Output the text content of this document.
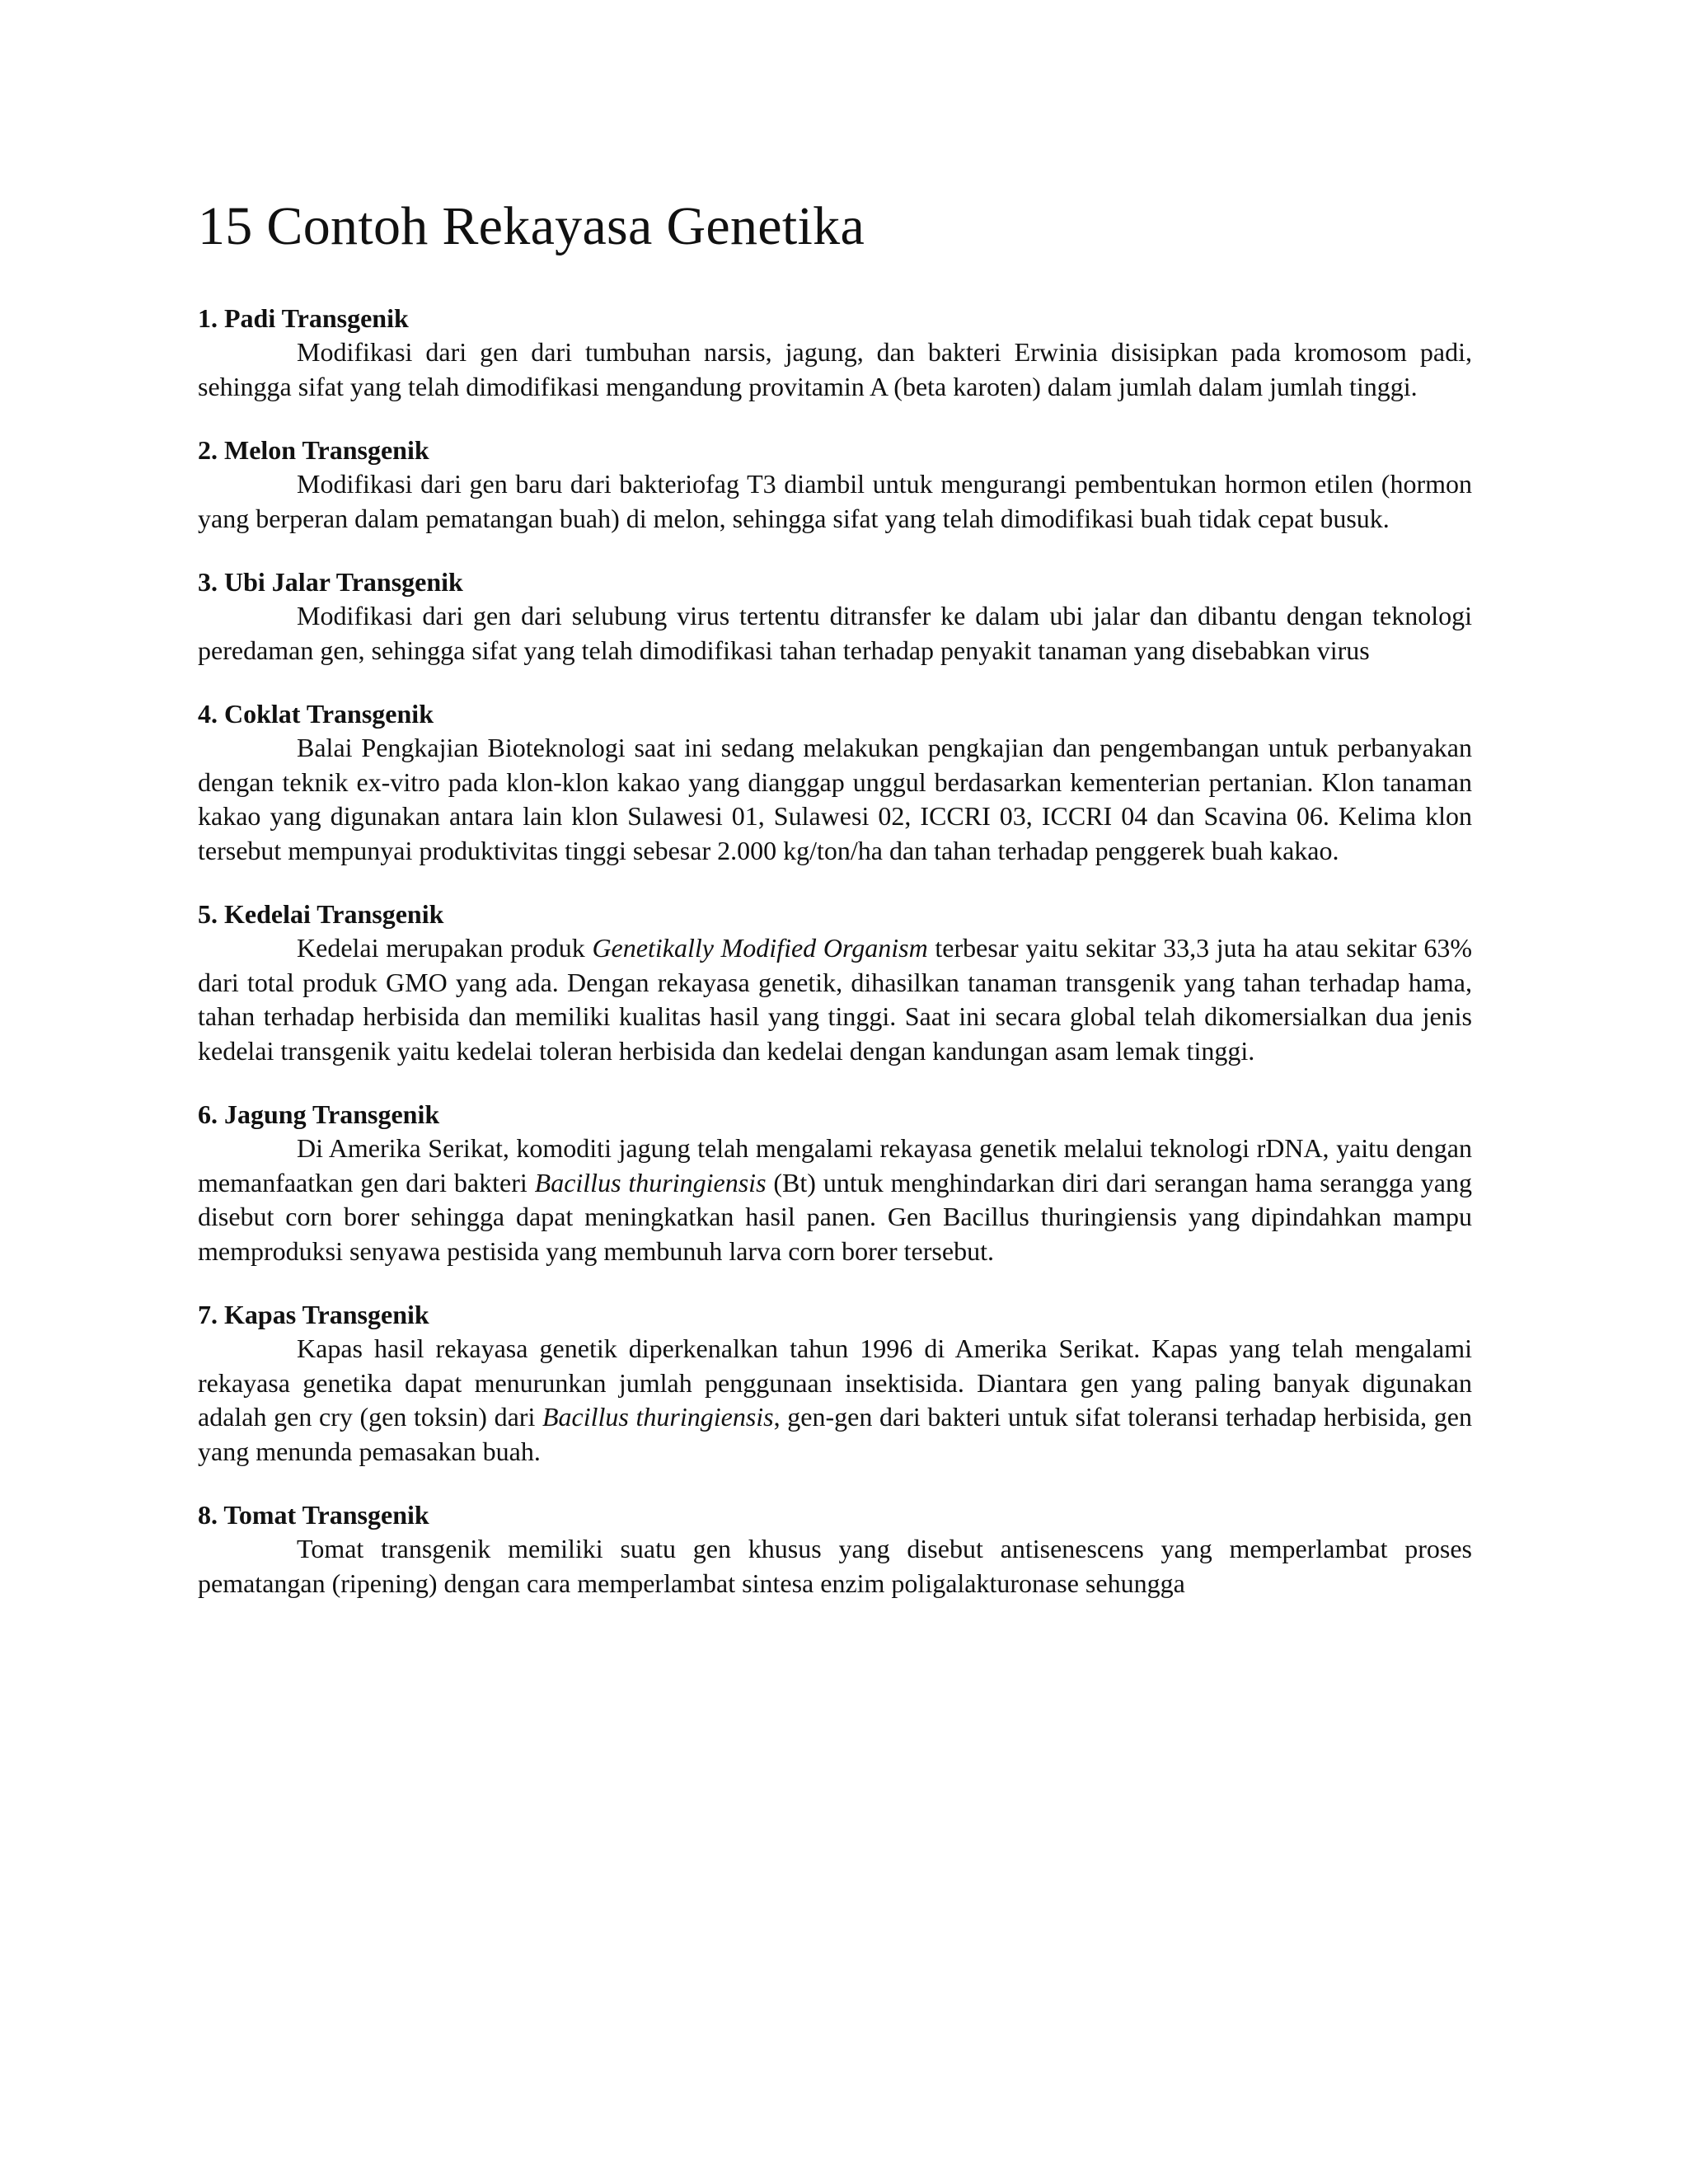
15 Contoh Rekayasa Genetika

1. Padi Transgenik

Modifikasi dari gen dari tumbuhan narsis, jagung, dan bakteri Erwinia disisipkan pada kromosom padi, sehingga sifat yang telah dimodifikasi mengandung provitamin A (beta karoten) dalam jumlah dalam jumlah tinggi.

2. Melon Transgenik

Modifikasi dari gen baru dari bakteriofag T3 diambil untuk mengurangi pembentukan hormon etilen (hormon yang berperan dalam pematangan buah) di melon, sehingga sifat yang telah dimodifikasi buah tidak cepat busuk.

3. Ubi Jalar Transgenik

Modifikasi dari gen dari selubung virus tertentu ditransfer ke dalam ubi jalar dan dibantu dengan teknologi peredaman gen, sehingga sifat yang telah dimodifikasi tahan terhadap penyakit tanaman yang disebabkan virus

4. Coklat Transgenik

Balai Pengkajian Bioteknologi saat ini sedang melakukan pengkajian dan pengembangan untuk perbanyakan dengan teknik ex-vitro pada klon-klon kakao yang dianggap unggul berdasarkan kementerian pertanian. Klon tanaman kakao yang digunakan antara lain klon Sulawesi 01, Sulawesi 02, ICCRI 03, ICCRI 04 dan Scavina 06. Kelima klon tersebut mempunyai produktivitas tinggi sebesar 2.000 kg/ton/ha dan tahan terhadap penggerek buah kakao.

5. Kedelai Transgenik

Kedelai merupakan produk Genetikally Modified Organism terbesar yaitu sekitar 33,3 juta ha atau sekitar 63% dari total produk GMO yang ada. Dengan rekayasa genetik, dihasilkan tanaman transgenik yang tahan terhadap hama, tahan terhadap herbisida dan memiliki kualitas hasil yang tinggi. Saat ini secara global telah dikomersialkan dua jenis kedelai transgenik yaitu kedelai toleran herbisida dan kedelai dengan kandungan asam lemak tinggi.

6. Jagung Transgenik

Di Amerika Serikat, komoditi jagung telah mengalami rekayasa genetik melalui teknologi rDNA, yaitu dengan memanfaatkan gen dari bakteri Bacillus thuringiensis (Bt) untuk menghindarkan diri dari serangan hama serangga yang disebut corn borer sehingga dapat meningkatkan hasil panen. Gen Bacillus thuringiensis yang dipindahkan mampu memproduksi senyawa pestisida yang membunuh larva corn borer tersebut.

7. Kapas Transgenik

Kapas hasil rekayasa genetik diperkenalkan tahun 1996 di Amerika Serikat. Kapas yang telah mengalami rekayasa genetika dapat menurunkan jumlah penggunaan insektisida. Diantara gen yang paling banyak digunakan adalah gen cry (gen toksin) dari Bacillus thuringiensis, gen-gen dari bakteri untuk sifat toleransi terhadap herbisida, gen yang menunda pemasakan buah.

8. Tomat Transgenik

Tomat transgenik memiliki suatu gen khusus yang disebut antisenescens yang memperlambat proses pematangan (ripening) dengan cara memperlambat sintesa enzim poligalakturonase sehungga
